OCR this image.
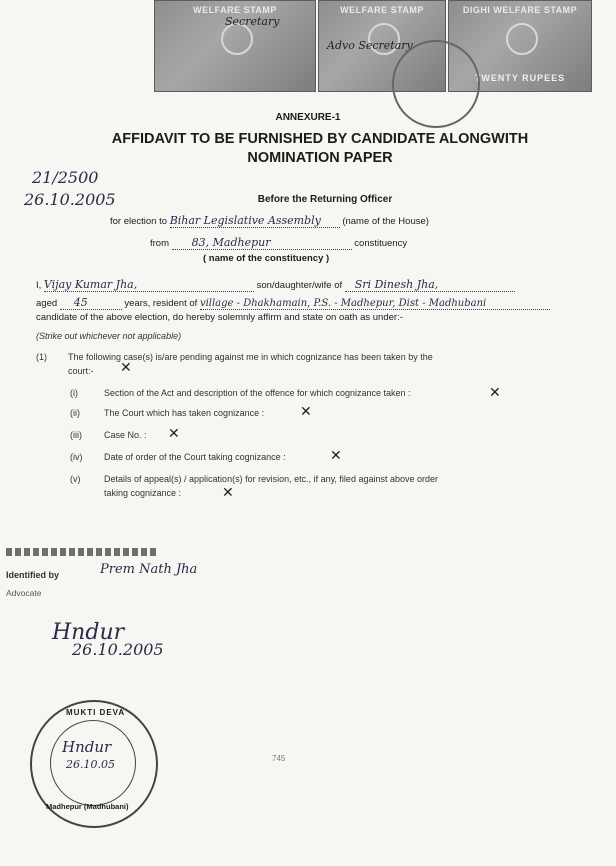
WELFARE STAMP
Secretary
WELFARE STAMP
Advo Secretary
DIGHI WELFARE STAMP
TWENTY RUPEES
ANNEXURE-1
AFFIDAVIT TO BE FURNISHED BY CANDIDATE ALONGWITH
NOMINATION PAPER
21/2500
26.10.2005	Before the Returning Officer
for election to Bihar Legislative Assembly (name of the House)
from 83, Madhepur	constituency
( name of the constituency )
I, Vijay Kumar Jha,	son/daughter/wife of Sri Dinesh Jha,
aged 45	years, resident of village - Dhakhamain, P.S. - Madhepur, Dist - Madhubani
candidate of the above election, do hereby solemnly affirm and state on oath as under:-
(Strike out whichever not applicable)
(1) The following case(s) is/are pending against me in which cognizance has been taken by the
court:- ✕
(i)	Section of the Act and description of the offence for which cognizance taken :	✕
(ii)	The Court which has taken cognizance :	✕
(iii) Case No. : ✕
(iv) Date of order of the Court taking cognizance :	✕
(v)	Details of appeal(s) / application(s) for revision, etc., if any, filed against above order
taking cognizance :	✕
Identified by
Advocate
Prem Nath Jha
Hndur
26.10.2005
MUKTI DEVA
Hndur
26.10.05
Madhepur (Madhubani)
745
